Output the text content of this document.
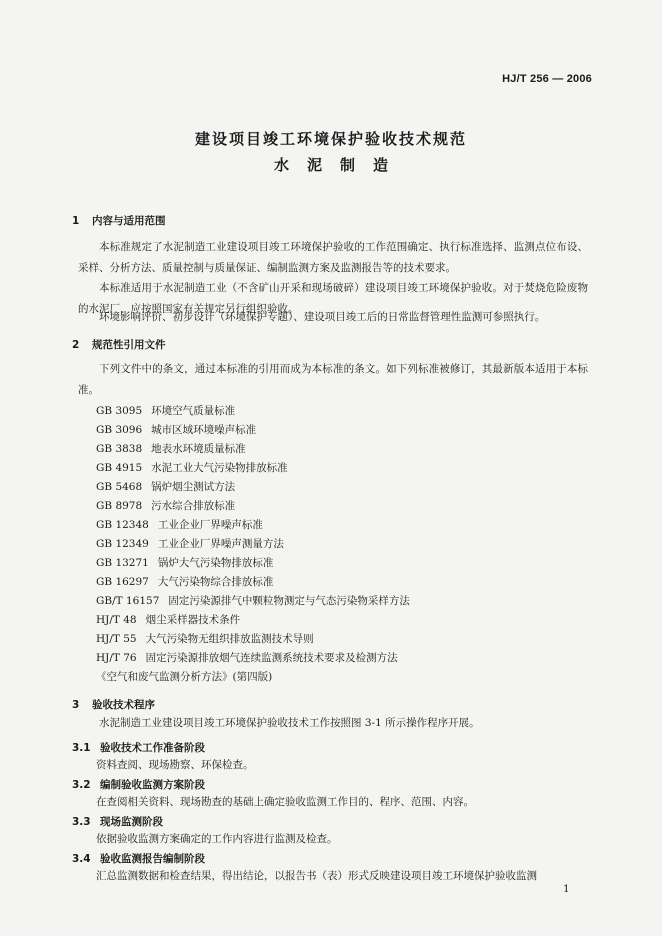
HJ/T 256 — 2006
建设项目竣工环境保护验收技术规范
水泥制造
1 内容与适用范围

本标准规定了水泥制造工业建设项目竣工环境保护验收的工作范围确定、执行标准选择、监测点位布设、采样、分析方法、质量控制与质量保证、编制监测方案及监测报告等的技术要求。

本标准适用于水泥制造工业（不含矿山开采和现场破碎）建设项目竣工环境保护验收。对于焚烧危险废物的水泥厂，应按照国家有关规定另行组织验收。

环境影响评价、初步设计（环境保护专题）、建设项目竣工后的日常监督管理性监测可参照执行。

2 规范性引用文件

下列文件中的条文，通过本标准的引用而成为本标准的条文。如下列标准被修订，其最新版本适用于本标准。

GB 3095 环境空气质量标准
GB 3096 城市区域环境噪声标准
GB 3838 地表水环境质量标准
GB 4915 水泥工业大气污染物排放标准
GB 5468 锅炉烟尘测试方法
GB 8978 污水综合排放标准
GB 12348 工业企业厂界噪声标准
GB 12349 工业企业厂界噪声测量方法
GB 13271 锅炉大气污染物排放标准
GB 16297 大气污染物综合排放标准
GB/T 16157 固定污染源排气中颗粒物测定与气态污染物采样方法
HJ/T 48 烟尘采样器技术条件
HJ/T 55 大气污染物无组织排放监测技术导则
HJ/T 76 固定污染源排放烟气连续监测系统技术要求及检测方法
《空气和废气监测分析方法》(第四版)
3 验收技术程序

水泥制造工业建设项目竣工环境保护验收技术工作按照图 3-1 所示操作程序开展。

3.1 验收技术工作准备阶段
资料查阅、现场勘察、环保检查。
3.2 编制验收监测方案阶段
在查阅相关资料、现场勘查的基础上确定验收监测工作目的、程序、范围、内容。
3.3 现场监测阶段
依据验收监测方案确定的工作内容进行监测及检查。
3.4 验收监测报告编制阶段
汇总监测数据和检查结果，得出结论，以报告书（表）形式反映建设项目竣工环境保护验收监测
1
